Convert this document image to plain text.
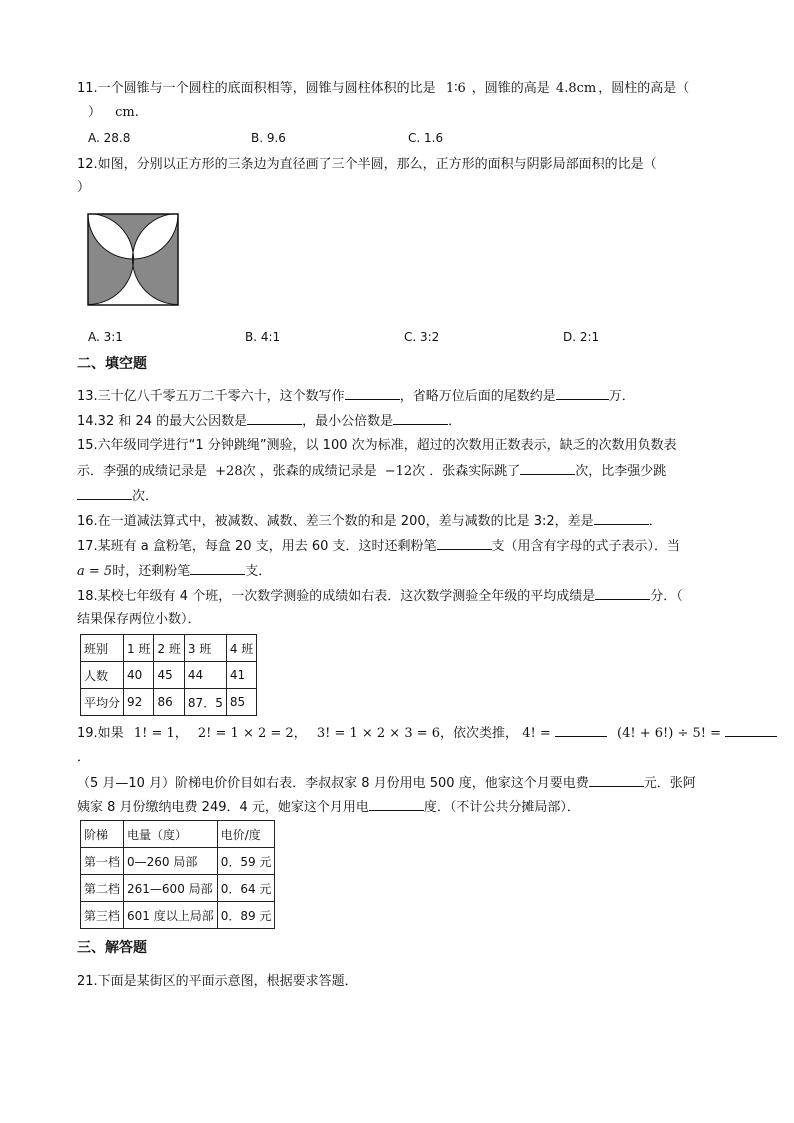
11.一个圆锥与一个圆柱的底面积相等，圆锥与圆柱体积的比是 1∶6 ，圆锥的高是 4.8cm ，圆柱的高是（
） cm.
A. 28.8	B. 9.6	C. 1.6
12.如图，分别以正方形的三条边为直径画了三个半圆，那么，正方形的面积与阴影局部面积的比是（
）
A. 3:1	B. 4:1	C. 3:2	D. 2:1
二、填空题
13.三十亿八千零五万二千零六十，这个数写作	，省略万位后面的尾数约是	万．
14.32 和 24 的最大公因数是	，最小公倍数是	．
15.六年级同学进行“1 分钟跳绳”测验，以 100 次为标准，超过的次数用正数表示，缺乏的次数用负数表
示．李强的成绩记录是 +28次 ，张森的成绩记录是 −12次 ．张森实际跳了	次，比李强少跳
次．
16.在一道减法算式中，被减数、减数、差三个数的和是 200，差与减数的比是 3:2，差是	．
17.某班有 a 盒粉笔，每盒 20 支，用去 60 支．这时还剩粉笔	支（用含有字母的式子表示）．当
a = 5时，还剩粉笔	支．
18.某校七年级有 4 个班，一次数学测验的成绩如右表．这次数学测验全年级的平均成绩是	分．（
结果保存两位小数）．
班别	1 班	2 班	3 班	4 班
人数	40	45	44	41
平均分	92	86	87．5	85
19.如果 1! = 1， 2! = 1 × 2 = 2， 3! = 1 × 2 × 3 = 6，依次类推， 4! =	(4! + 6!) ÷ 5! =
．
（5 月—10 月）阶梯电价价目如右表．李叔叔家 8 月份用电 500 度，他家这个月要电费	元．张阿
姨家 8 月份缴纳电费 249．4 元，她家这个月用电	度．（不计公共分摊局部）．
阶梯	电量（度）	电价/度
第一档	0—260 局部	0．59 元
第二档	261—600 局部	0．64 元
第三档	601 度以上局部	0．89 元
三、解答题
21.下面是某街区的平面示意图，根据要求答题．
